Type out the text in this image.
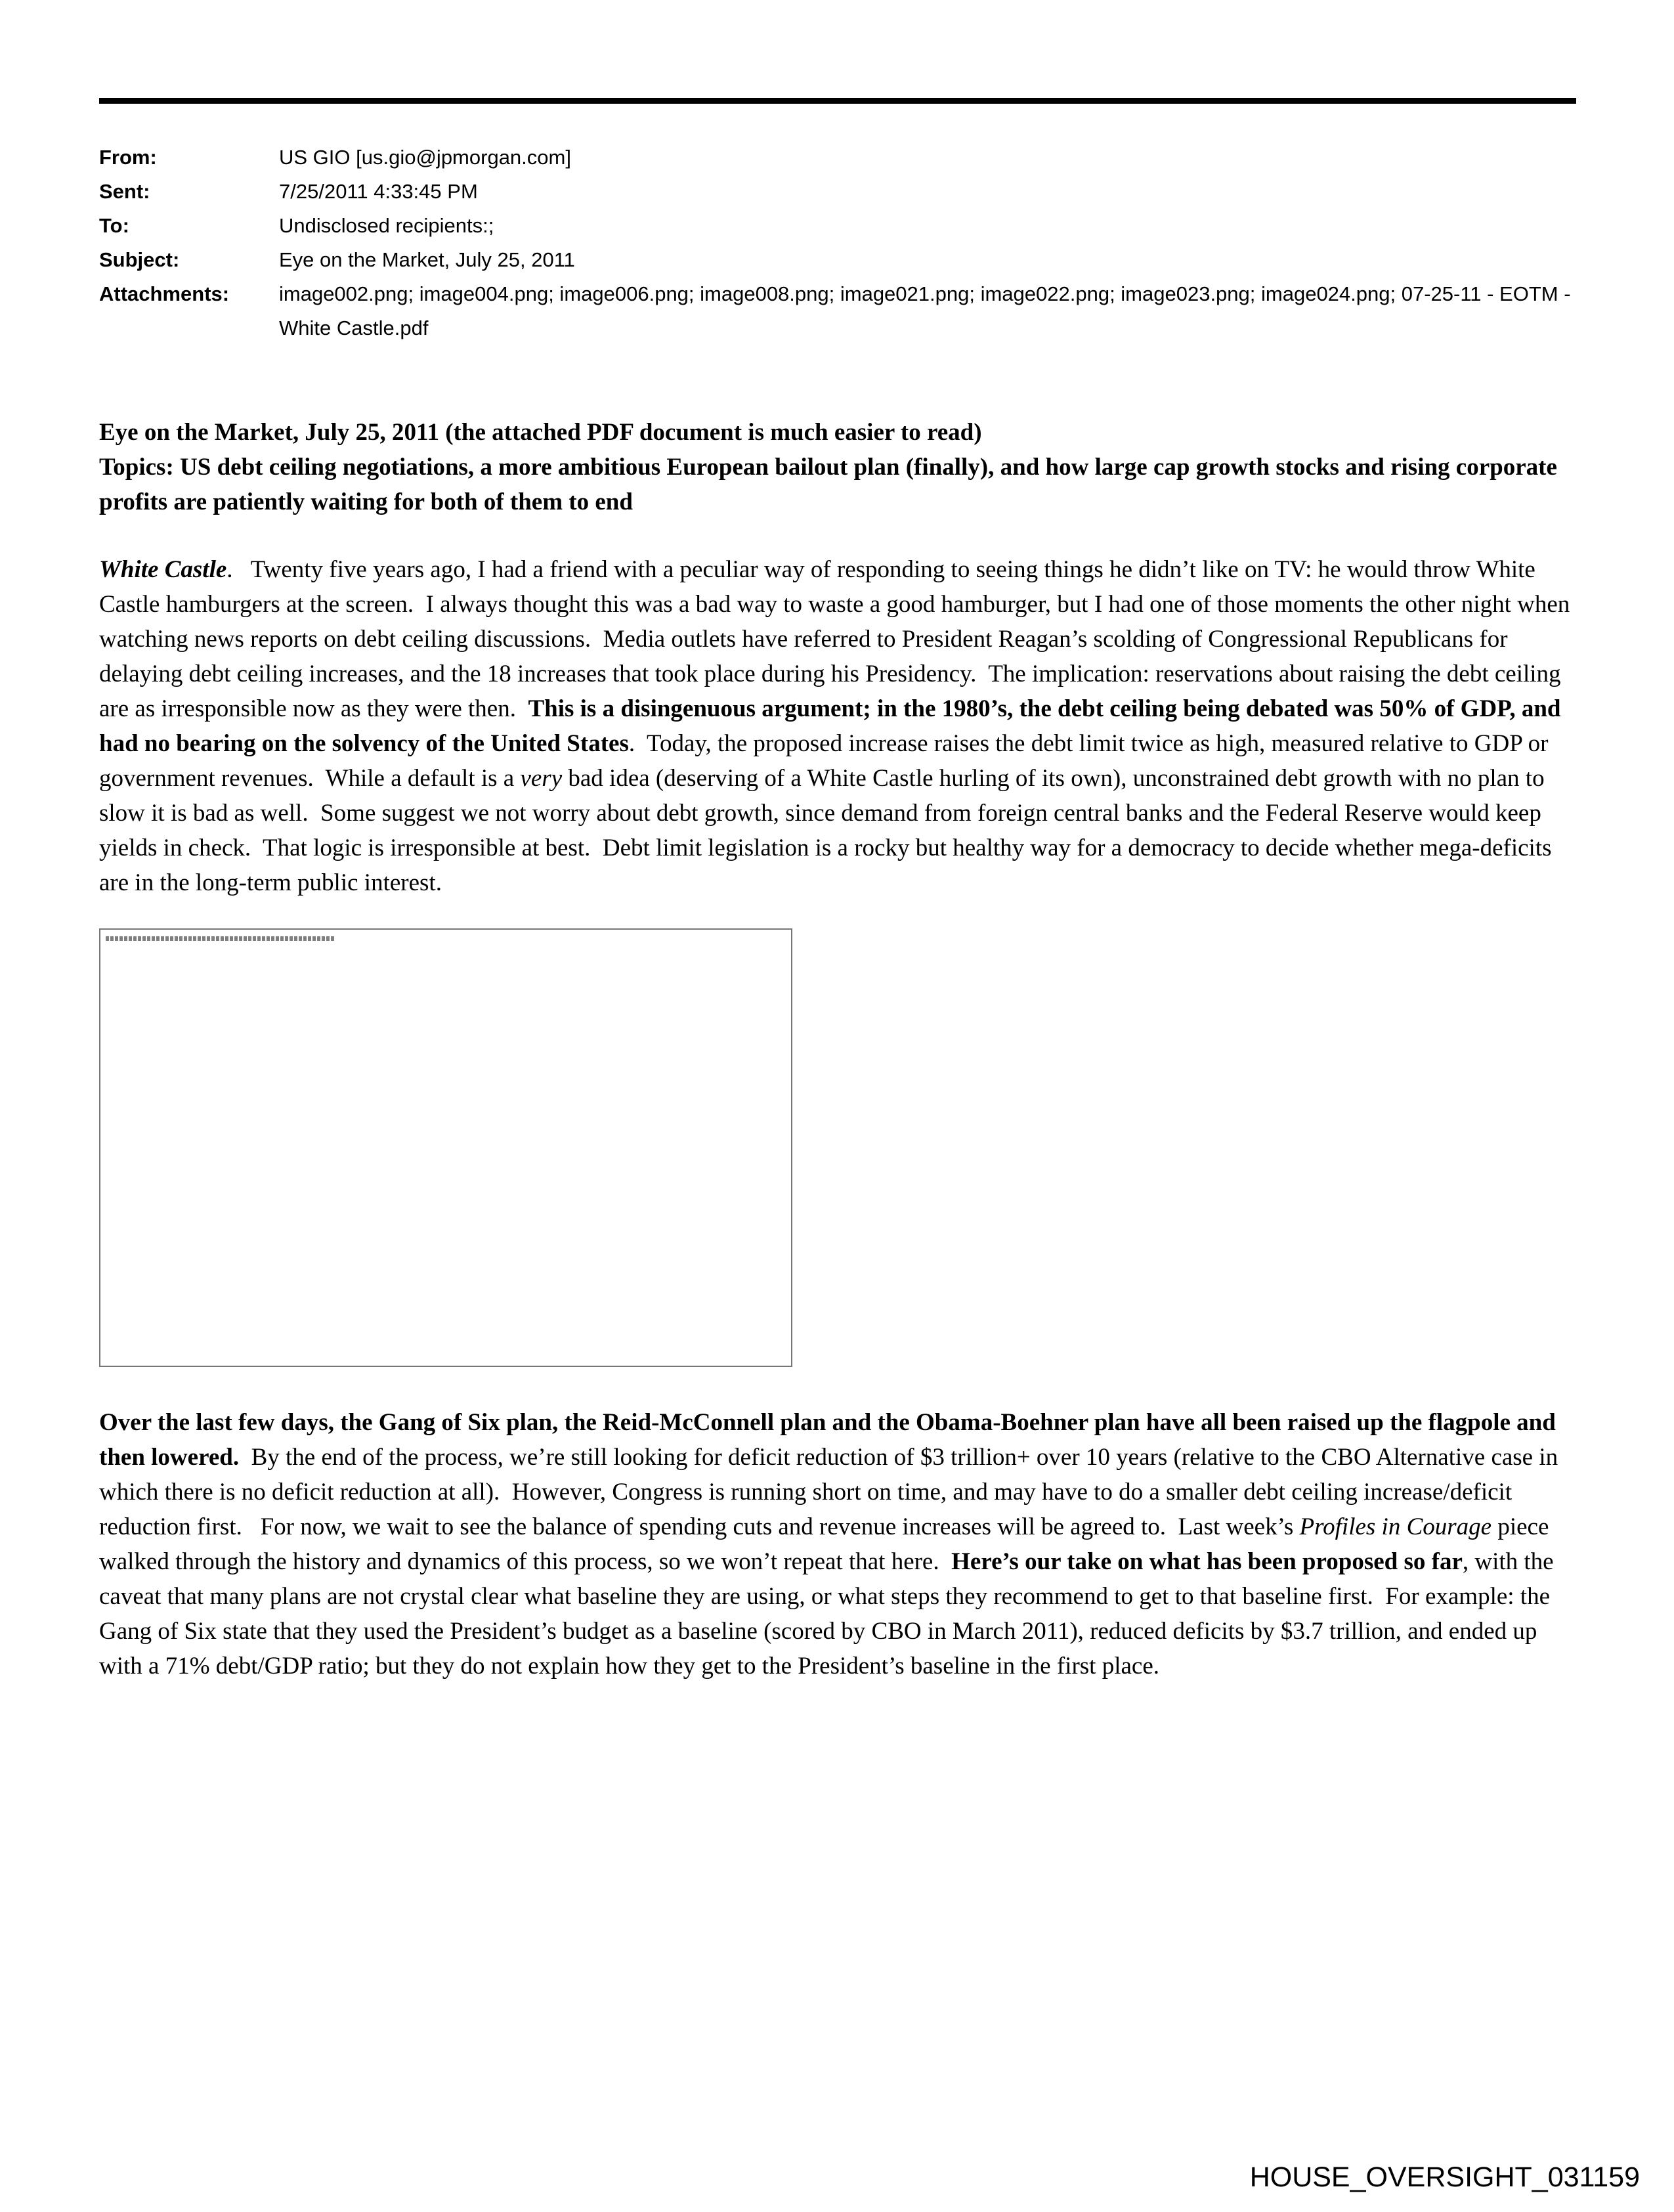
From:	US GIO [us.gio@jpmorgan.com]
Sent:	7/25/2011 4:33:45 PM
To:	Undisclosed recipients:;
Subject:	Eye on the Market, July 25, 2011
Attachments:	image002.png; image004.png; image006.png; image008.png; image021.png; image022.png; image023.png; image024.png; 07-25-11 - EOTM - White Castle.pdf
Eye on the Market, July 25, 2011 (the attached PDF document is much easier to read)
Topics: US debt ceiling negotiations, a more ambitious European bailout plan (finally), and how large cap growth stocks and rising corporate profits are patiently waiting for both of them to end
White Castle.   Twenty five years ago, I had a friend with a peculiar way of responding to seeing things he didn’t like on TV: he would throw White Castle hamburgers at the screen.  I always thought this was a bad way to waste a good hamburger, but I had one of those moments the other night when watching news reports on debt ceiling discussions.  Media outlets have referred to President Reagan’s scolding of Congressional Republicans for delaying debt ceiling increases, and the 18 increases that took place during his Presidency.  The implication: reservations about raising the debt ceiling are as irresponsible now as they were then.  This is a disingenuous argument; in the 1980’s, the debt ceiling being debated was 50% of GDP, and had no bearing on the solvency of the United States.  Today, the proposed increase raises the debt limit twice as high, measured relative to GDP or government revenues.  While a default is a very bad idea (deserving of a White Castle hurling of its own), unconstrained debt growth with no plan to slow it is bad as well.  Some suggest we not worry about debt growth, since demand from foreign central banks and the Federal Reserve would keep yields in check.  That logic is irresponsible at best.  Debt limit legislation is a rocky but healthy way for a democracy to decide whether mega-deficits are in the long-term public interest.
Over the last few days, the Gang of Six plan, the Reid-McConnell plan and the Obama-Boehner plan have all been raised up the flagpole and then lowered.  By the end of the process, we’re still looking for deficit reduction of $3 trillion+ over 10 years (relative to the CBO Alternative case in which there is no deficit reduction at all).  However, Congress is running short on time, and may have to do a smaller debt ceiling increase/deficit reduction first.   For now, we wait to see the balance of spending cuts and revenue increases will be agreed to.  Last week’s Profiles in Courage piece walked through the history and dynamics of this process, so we won’t repeat that here.  Here’s our take on what has been proposed so far, with the caveat that many plans are not crystal clear what baseline they are using, or what steps they recommend to get to that baseline first.  For example: the Gang of Six state that they used the President’s budget as a baseline (scored by CBO in March 2011), reduced deficits by $3.7 trillion, and ended up with a 71% debt/GDP ratio; but they do not explain how they get to the President’s baseline in the first place.
HOUSE_OVERSIGHT_031159
